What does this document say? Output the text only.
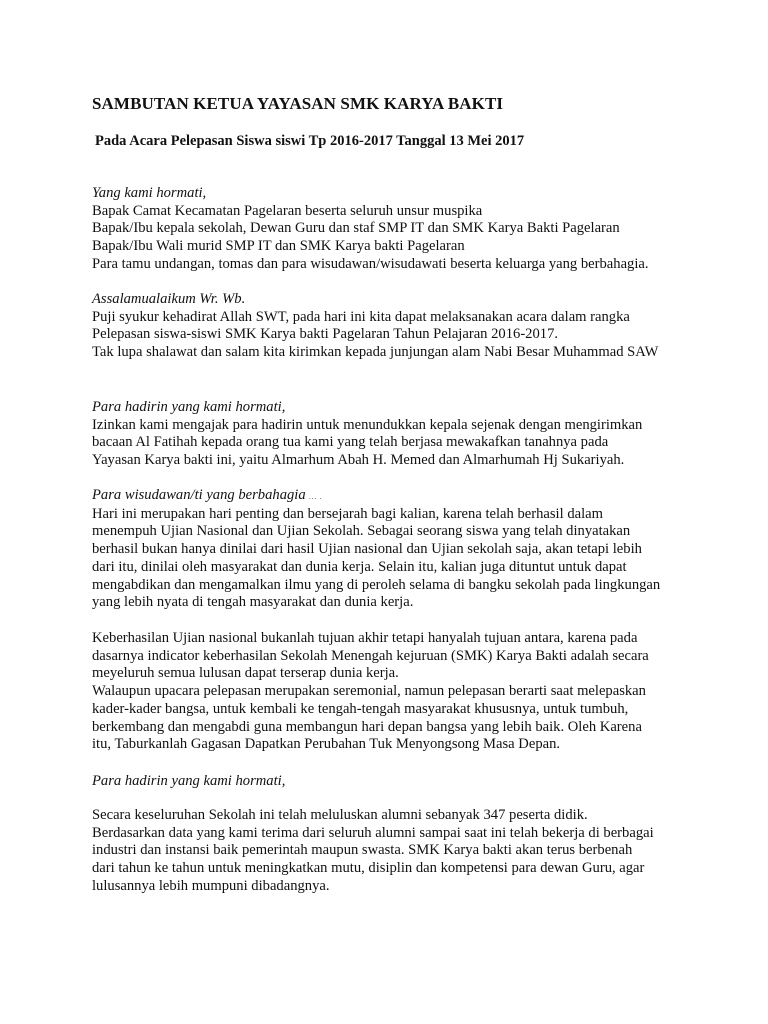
SAMBUTAN KETUA YAYASAN SMK KARYA BAKTI
Pada Acara Pelepasan Siswa siswi Tp 2016-2017 Tanggal 13 Mei 2017
Yang kami hormati,
Bapak Camat Kecamatan Pagelaran beserta seluruh unsur muspika
Bapak/Ibu kepala sekolah, Dewan Guru dan staf SMP IT dan SMK Karya Bakti Pagelaran
Bapak/Ibu Wali murid SMP IT dan SMK Karya bakti Pagelaran
Para tamu undangan, tomas dan para wisudawan/wisudawati beserta keluarga yang berbahagia.
Assalamualaikum Wr. Wb.
Puji syukur kehadirat Allah SWT, pada hari ini kita dapat melaksanakan acara dalam rangka
Pelepasan siswa-siswi SMK Karya bakti Pagelaran Tahun Pelajaran 2016-2017.
Tak lupa shalawat dan salam kita kirimkan kepada junjungan alam Nabi Besar Muhammad SAW
Para hadirin yang kami hormati,
Izinkan kami mengajak para hadirin untuk menundukkan kepala sejenak dengan mengirimkan
bacaan Al Fatihah kepada orang tua kami yang telah berjasa mewakafkan tanahnya pada
Yayasan Karya bakti ini, yaitu Almarhum Abah H. Memed dan Almarhumah Hj Sukariyah.
Para wisudawan/ti yang berbahagia … .
Hari ini merupakan hari penting dan bersejarah bagi kalian, karena telah berhasil dalam
menempuh Ujian Nasional dan Ujian Sekolah. Sebagai seorang siswa yang telah dinyatakan
berhasil bukan hanya dinilai dari hasil Ujian nasional dan Ujian sekolah saja, akan tetapi lebih
dari itu, dinilai oleh masyarakat dan dunia kerja. Selain itu, kalian juga dituntut untuk dapat
mengabdikan dan mengamalkan ilmu yang di peroleh selama di bangku sekolah pada lingkungan
yang lebih nyata di tengah masyarakat dan dunia kerja.
Keberhasilan Ujian nasional bukanlah tujuan akhir tetapi hanyalah tujuan antara, karena pada
dasarnya indicator keberhasilan Sekolah Menengah kejuruan (SMK) Karya Bakti adalah secara
meyeluruh semua lulusan dapat terserap dunia kerja.
Walaupun upacara pelepasan merupakan seremonial, namun pelepasan berarti saat melepaskan
kader-kader bangsa, untuk kembali ke tengah-tengah masyarakat khususnya, untuk tumbuh,
berkembang dan mengabdi guna membangun hari depan bangsa yang lebih baik. Oleh Karena
itu, Taburkanlah Gagasan Dapatkan Perubahan Tuk Menyongsong Masa Depan.
Para hadirin yang kami hormati,
Secara keseluruhan Sekolah ini telah meluluskan alumni sebanyak 347 peserta didik.
Berdasarkan data yang kami terima dari seluruh alumni sampai saat ini telah bekerja di berbagai
industri dan instansi baik pemerintah maupun swasta. SMK Karya bakti akan terus berbenah
dari tahun ke tahun untuk meningkatkan mutu, disiplin dan kompetensi para dewan Guru, agar
lulusannya lebih mumpuni dibadangnya.
